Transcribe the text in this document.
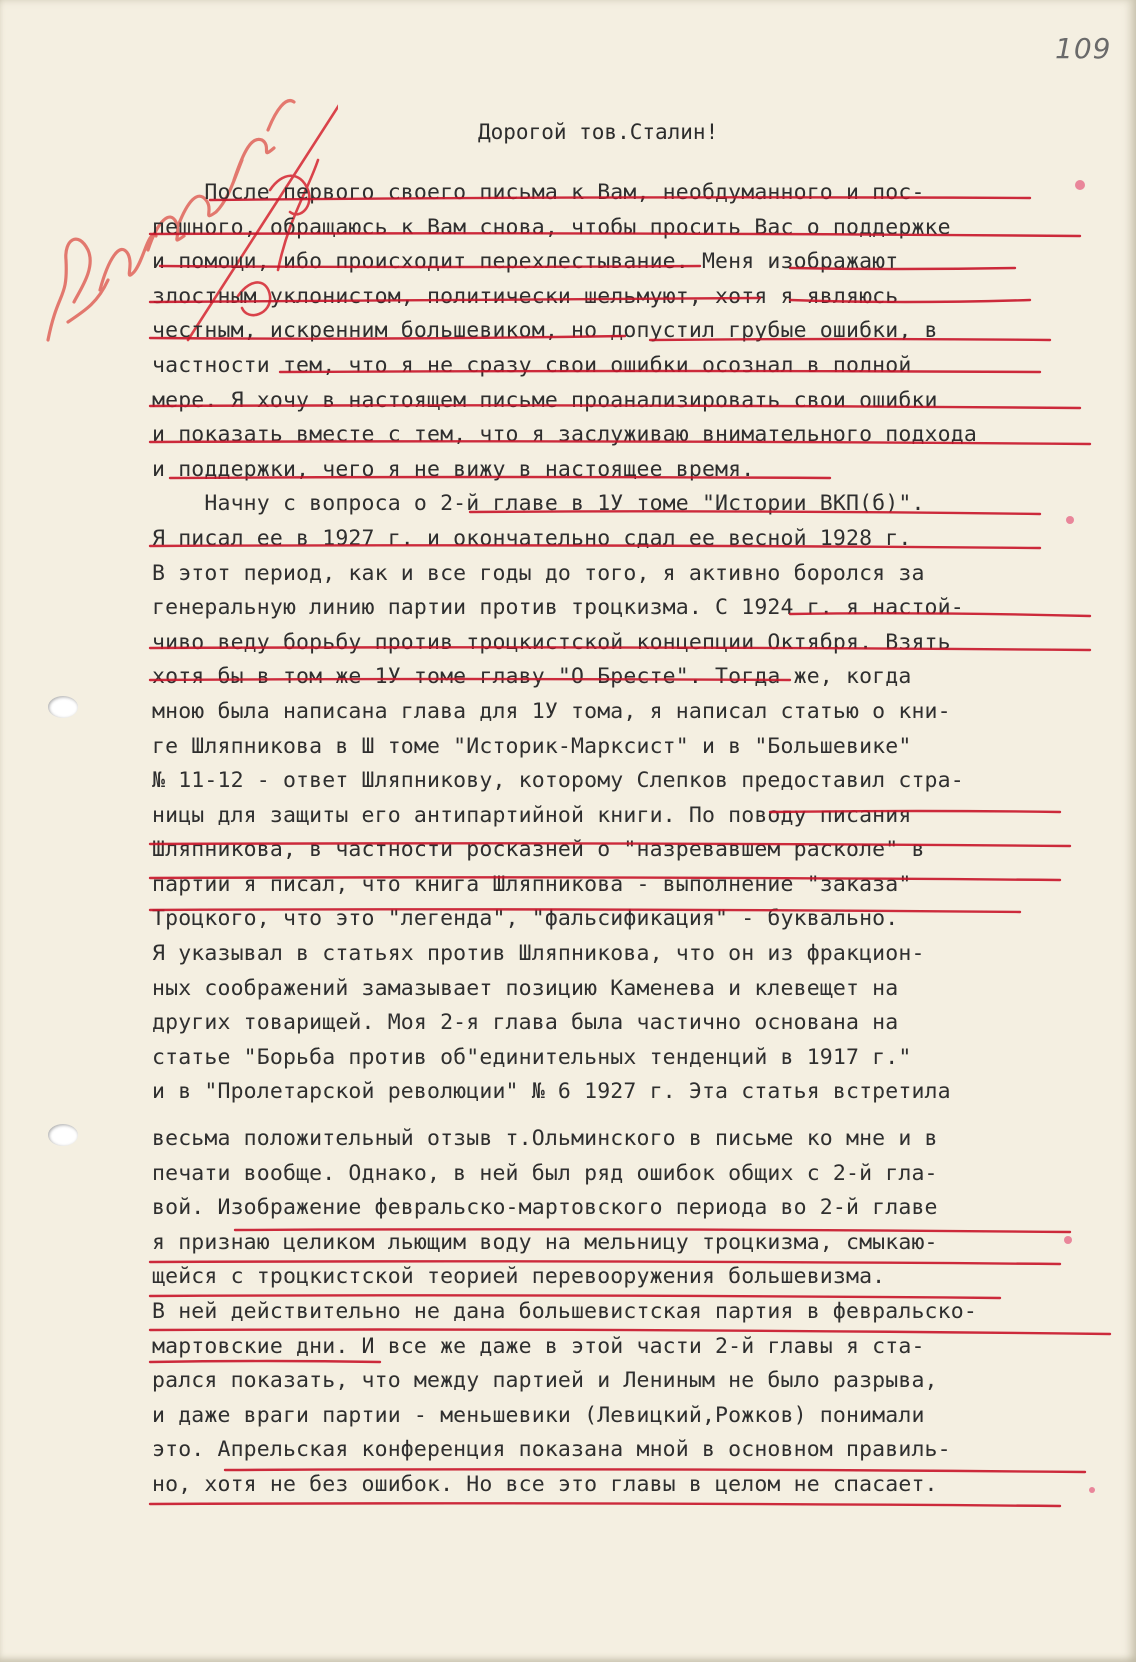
109
Дорогой тов.Сталин!
После первого своего письма к Вам, необдуманного и пос-
пешного, обращаюсь к Вам снова, чтобы просить Вас о поддержке
и помощи, ибо происходит перехлестывание. Меня изображают
злостным уклонистом, политически шельмуют, хотя я являюсь
честным, искренним большевиком, но допустил грубые ошибки, в
частности тем, что я не сразу свои ошибки осознал в полной
мере. Я хочу в настоящем письме проанализировать свои ошибки
и показать вместе с тем, что я заслуживаю внимательного подхода
и поддержки, чего я не вижу в настоящее время.
Начну с вопроса о 2-й главе в 1У томе "Истории ВКП(б)".
Я писал ее в 1927 г. и окончательно сдал ее весной 1928 г.
В этот период, как и все годы до того, я активно боролся за
генеральную линию партии против троцкизма. С 1924 г. я настой-
чиво веду борьбу против троцкистской концепции Октября. Взять
хотя бы в том же 1У томе главу "О Бресте". Тогда же, когда
мною была написана глава для 1У тома, я написал статью о кни-
ге Шляпникова в Ш томе "Историк-Марксист" и в "Большевике"
№ 11-12 - ответ Шляпникову, которому Слепков предоставил стра-
ницы для защиты его антипартийной книги. По поводу писания
Шляпникова, в частности росказней о "назревавшем расколе" в
партии я писал, что книга Шляпникова - выполнение "заказа"
Троцкого, что это "легенда", "фальсификация" - буквально.
Я указывал в статьях против Шляпникова, что он из фракцион-
ных соображений замазывает позицию Каменева и клевещет на
других товарищей. Моя 2-я глава была частично основана на
статье "Борьба против об"единительных тенденций в 1917 г."
и в "Пролетарской революции" № 6 1927 г. Эта статья встретила
весьма положительный отзыв т.Ольминского в письме ко мне и в
печати вообще. Однако, в ней был ряд ошибок общих с 2-й гла-
вой. Изображение февральско-мартовского периода во 2-й главе
я признаю целиком льющим воду на мельницу троцкизма, смыкаю-
щейся с троцкистской теорией перевооружения большевизма.
В ней действительно не дана большевистская партия в февральско-
мартовские дни. И все же даже в этой части 2-й главы я ста-
рался показать, что между партией и Лениным не было разрыва,
и даже враги партии - меньшевики (Левицкий,Рожков) понимали
это. Апрельская конференция показана мной в основном правиль-
но, хотя не без ошибок. Но все это главы в целом не спасает.
